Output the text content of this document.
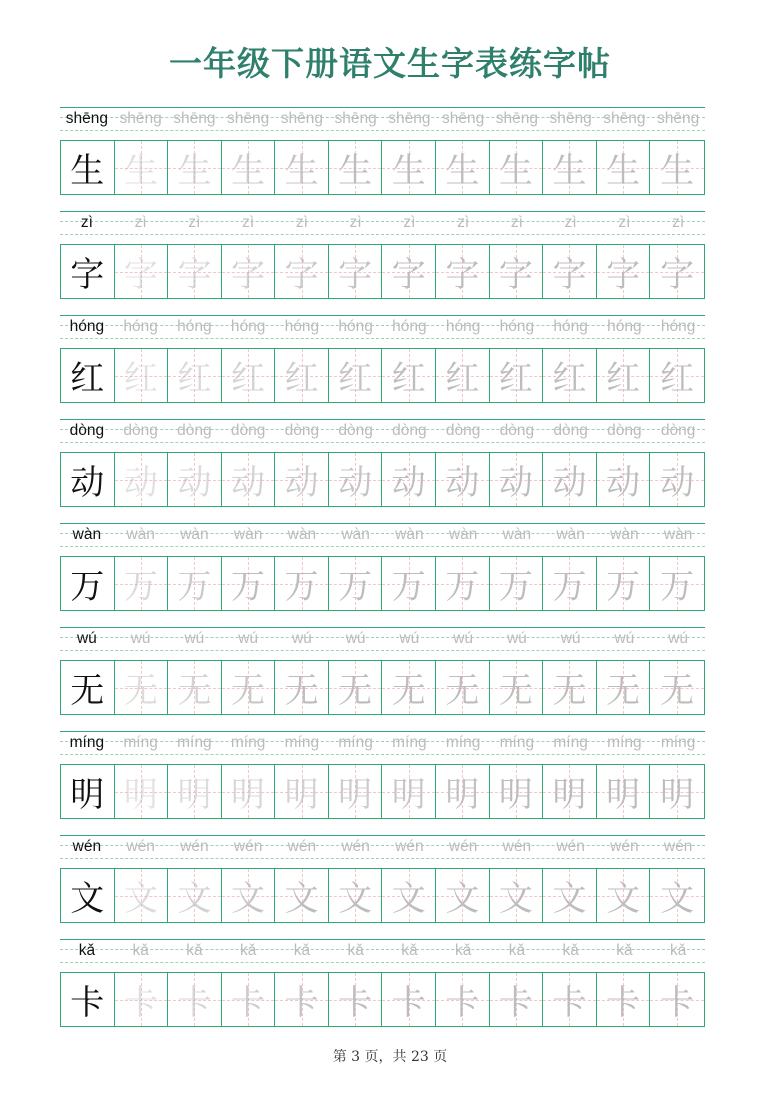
一年级下册语文生字表练字帖
shēng shēng shēng shēng shēng shēng shēng shēng shēng shēng shēng shēng
生 生 生 生 生 生 生 生 生 生 生 生
zì	zì	zì	zì	zì	zì	zì	zì	zì	zì	zì	zì
字 字 字 字 字 字 字 字 字 字 字 字
hóng	hóng	hóng	hóng	hóng	hóng	hóng	hóng	hóng	hóng	hóng	hóng
红 红 红 红 红 红 红 红 红 红 红 红
dòng	dòng	dòng	dòng	dòng	dòng	dòng	dòng	dòng	dòng	dòng	dòng
动 动 动 动 动 动 动 动 动 动 动 动
wàn	wàn	wàn	wàn	wàn	wàn	wàn	wàn	wàn	wàn	wàn	wàn
万 万 万 万 万 万 万 万 万 万 万 万
wú	wú	wú	wú	wú	wú	wú	wú	wú	wú	wú	wú
无 无 无 无 无 无 无 无 无 无 无 无
míng	míng	míng	míng	míng	míng	míng	míng	míng	míng	míng	míng
明 明 明 明 明 明 明 明 明 明 明 明
wén	wén	wén	wén	wén	wén	wén	wén	wén	wén	wén	wén
文 文 文 文 文 文 文 文 文 文 文 文
kǎ	kǎ	kǎ	kǎ	kǎ	kǎ	kǎ	kǎ	kǎ	kǎ	kǎ	kǎ
卡 卡 卡 卡 卡 卡 卡 卡 卡 卡 卡 卡
第 3 页，共 23 页
